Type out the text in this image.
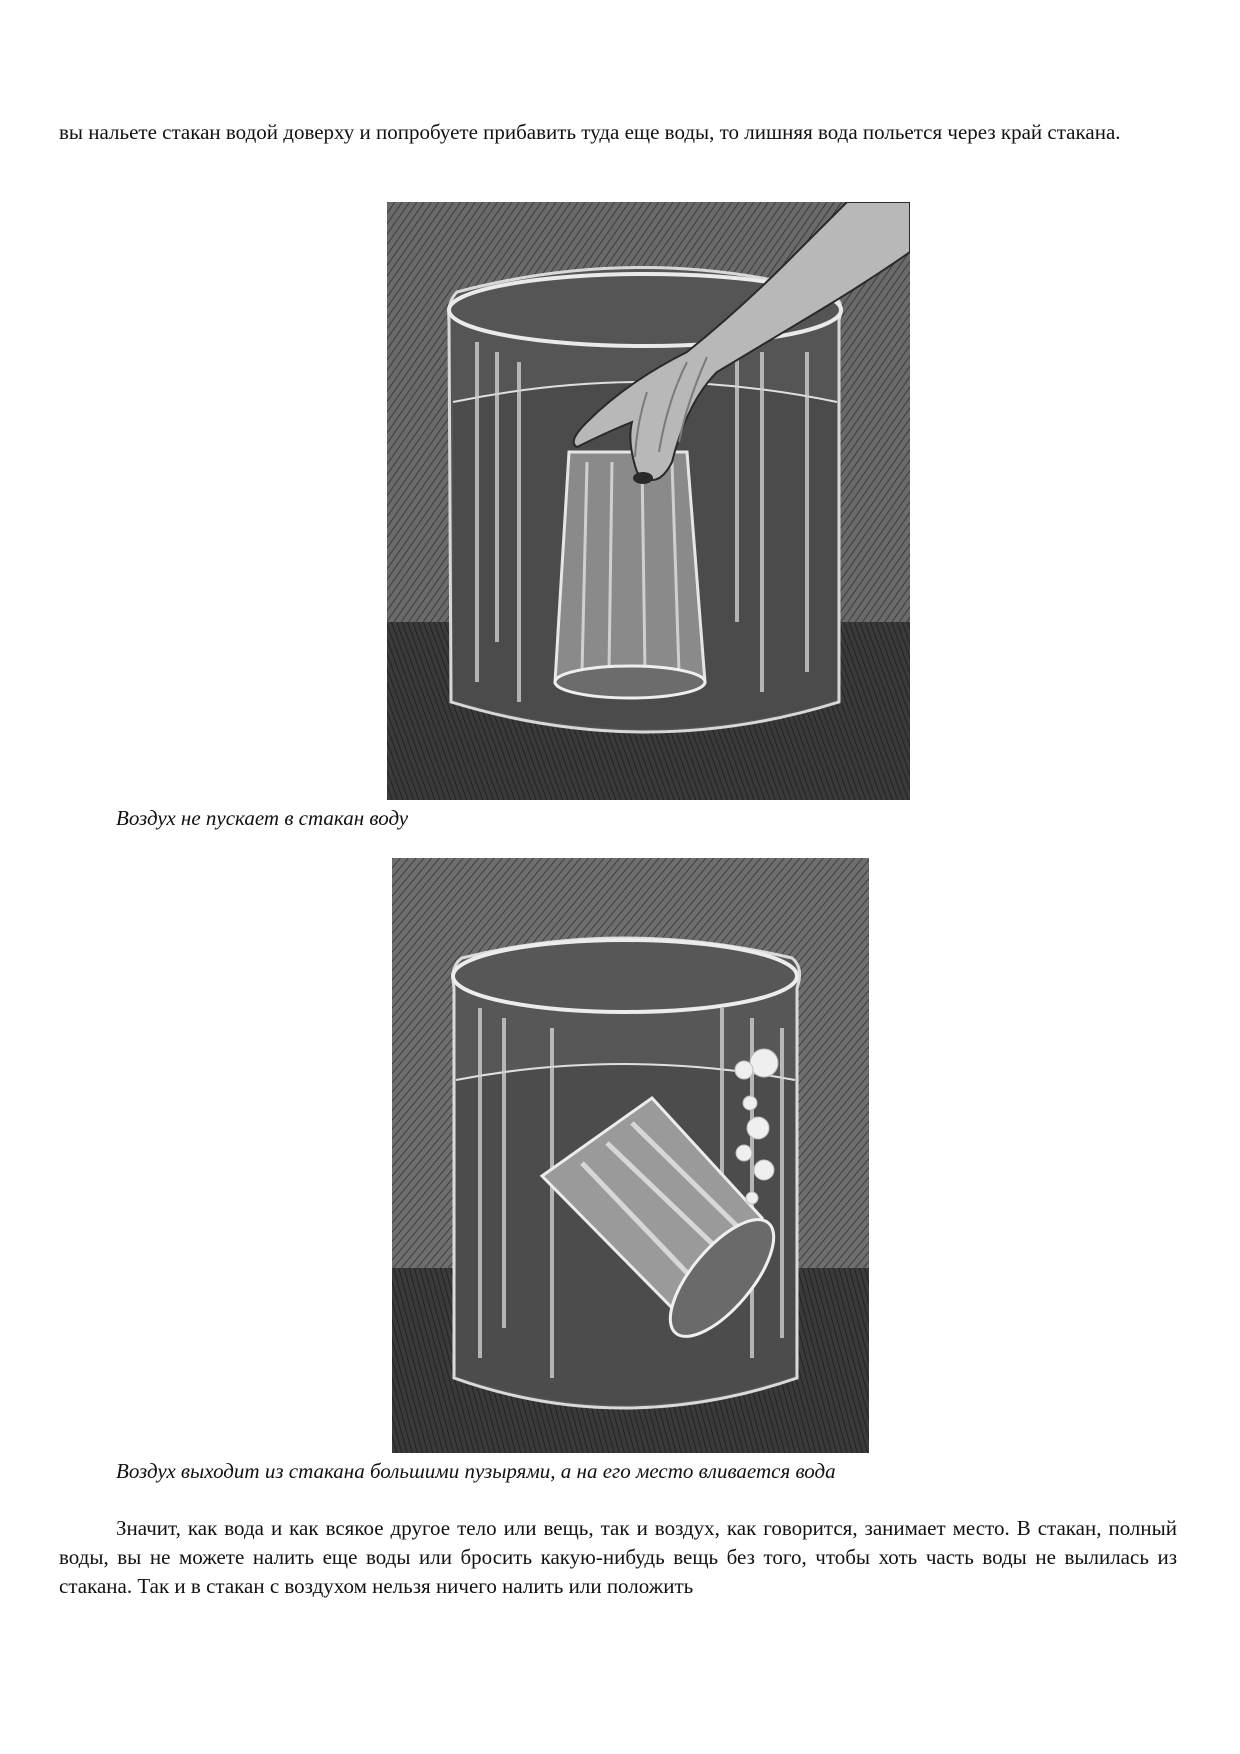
вы нальете стакан водой доверху и попробуете прибавить туда еще воды, то лишняя вода польется через край стакана.

Воздух не пускает в стакан воду

Воздух выходит из стакана большими пузырями, а на его место вливается вода

Значит, как вода и как всякое другое тело или вещь, так и воздух, как говорится, занимает место. В стакан, полный воды, вы не можете налить еще воды или бросить какую-нибудь вещь без того, чтобы хоть часть воды не вылилась из стакана. Так и в стакан с воздухом нельзя ничего налить или положить
